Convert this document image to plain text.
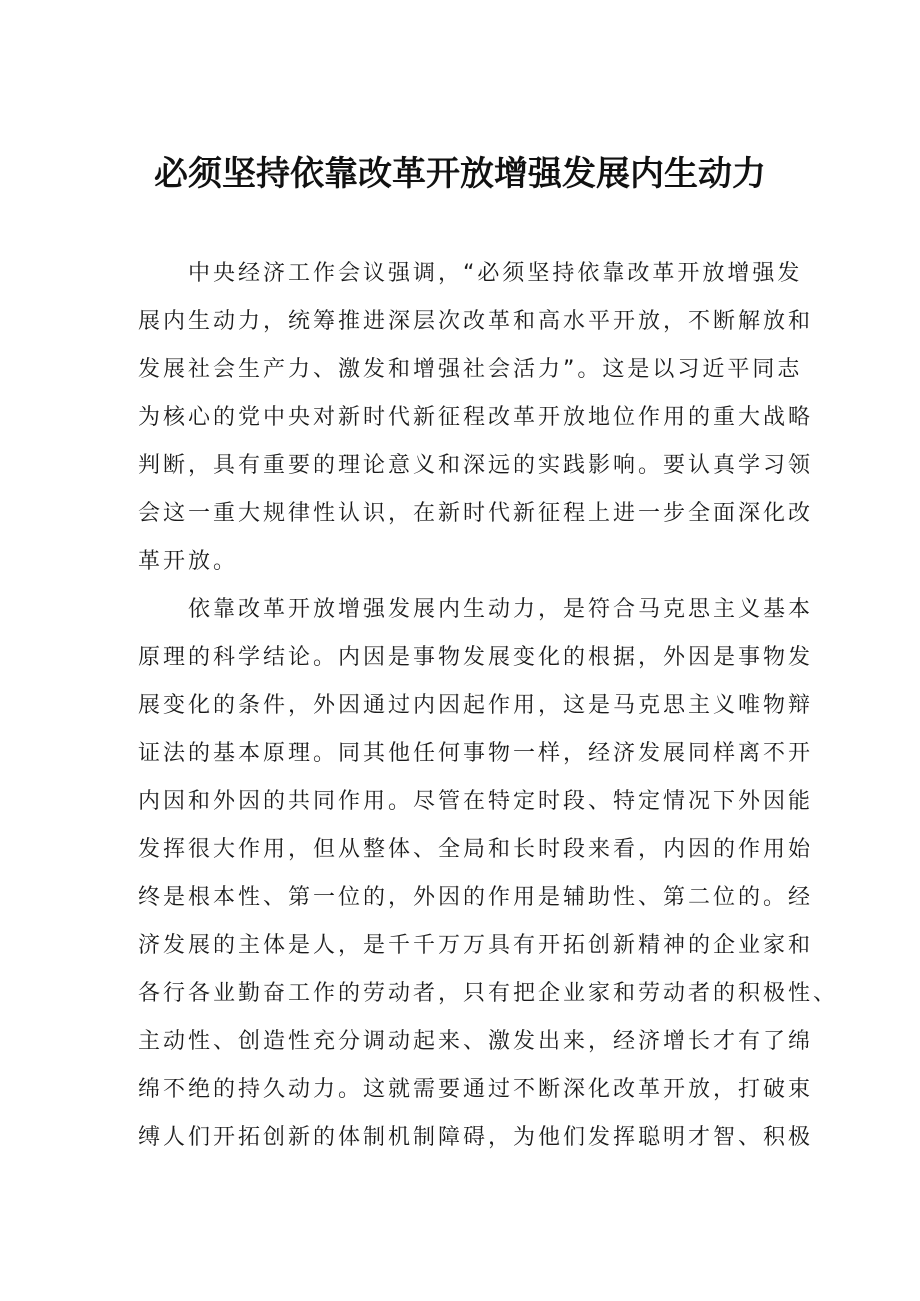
必须坚持依靠改革开放增强发展内生动力
中央经济工作会议强调，“必须坚持依靠改革开放增强发
展内生动力，统筹推进深层次改革和高水平开放，不断解放和
发展社会生产力、激发和增强社会活力”。这是以习近平同志
为核心的党中央对新时代新征程改革开放地位作用的重大战略
判断，具有重要的理论意义和深远的实践影响。要认真学习领
会这一重大规律性认识，在新时代新征程上进一步全面深化改
革开放。
依靠改革开放增强发展内生动力，是符合马克思主义基本
原理的科学结论。内因是事物发展变化的根据，外因是事物发
展变化的条件，外因通过内因起作用，这是马克思主义唯物辩
证法的基本原理。同其他任何事物一样，经济发展同样离不开
内因和外因的共同作用。尽管在特定时段、特定情况下外因能
发挥很大作用，但从整体、全局和长时段来看，内因的作用始
终是根本性、第一位的，外因的作用是辅助性、第二位的。经
济发展的主体是人，是千千万万具有开拓创新精神的企业家和
各行各业勤奋工作的劳动者，只有把企业家和劳动者的积极性、
主动性、创造性充分调动起来、激发出来，经济增长才有了绵
绵不绝的持久动力。这就需要通过不断深化改革开放，打破束
缚人们开拓创新的体制机制障碍，为他们发挥聪明才智、积极
